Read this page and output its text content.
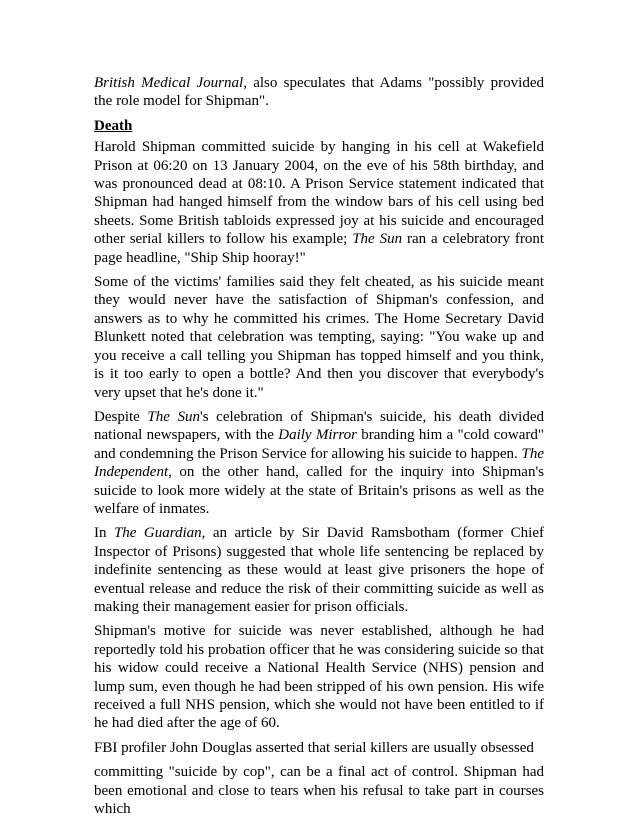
British Medical Journal, also speculates that Adams "possibly provided the role model for Shipman".

Death

Harold Shipman committed suicide by hanging in his cell at Wakefield Prison at 06:20 on 13 January 2004, on the eve of his 58th birthday, and was pronounced dead at 08:10. A Prison Service statement indicated that Shipman had hanged himself from the window bars of his cell using bed sheets. Some British tabloids expressed joy at his suicide and encouraged other serial killers to follow his example; The Sun ran a celebratory front page headline, "Ship Ship hooray!"

Some of the victims' families said they felt cheated, as his suicide meant they would never have the satisfaction of Shipman's confession, and answers as to why he committed his crimes. The Home Secretary David Blunkett noted that celebration was tempting, saying: "You wake up and you receive a call telling you Shipman has topped himself and you think, is it too early to open a bottle? And then you discover that everybody's very upset that he's done it."

Despite The Sun's celebration of Shipman's suicide, his death divided national newspapers, with the Daily Mirror branding him a "cold coward" and condemning the Prison Service for allowing his suicide to happen. The Independent, on the other hand, called for the inquiry into Shipman's suicide to look more widely at the state of Britain's prisons as well as the welfare of inmates.

In The Guardian, an article by Sir David Ramsbotham (former Chief Inspector of Prisons) suggested that whole life sentencing be replaced by indefinite sentencing as these would at least give prisoners the hope of eventual release and reduce the risk of their committing suicide as well as making their management easier for prison officials.

Shipman's motive for suicide was never established, although he had reportedly told his probation officer that he was considering suicide so that his widow could receive a National Health Service (NHS) pension and lump sum, even though he had been stripped of his own pension. His wife received a full NHS pension, which she would not have been entitled to if he had died after the age of 60.

FBI profiler John Douglas asserted that serial killers are usually obsessed

committing "suicide by cop", can be a final act of control. Shipman had been emotional and close to tears when his refusal to take part in courses which
